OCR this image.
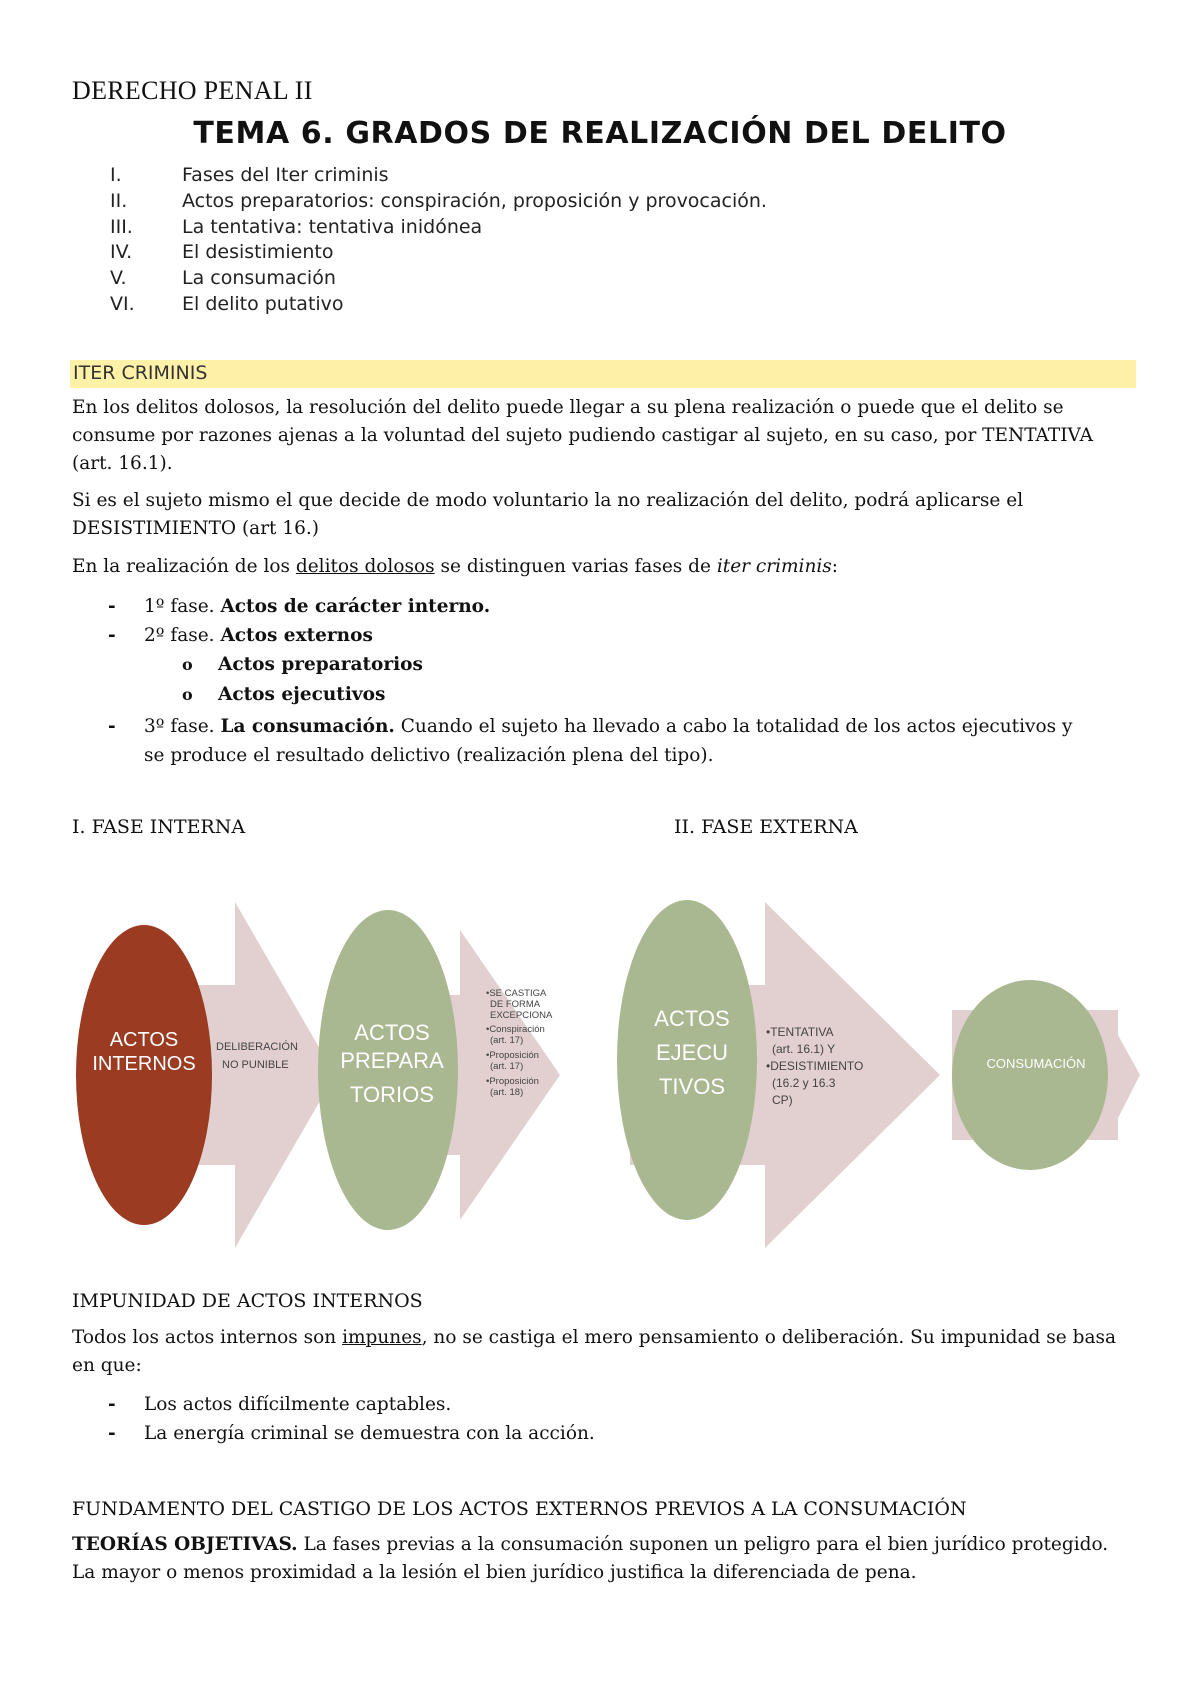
DERECHO PENAL II
TEMA 6. GRADOS DE REALIZACIÓN DEL DELITO
I.	Fases del Iter criminis
II.	Actos preparatorios: conspiración, proposición y provocación.
III.	La tentativa: tentativa inidónea
IV.	El desistimiento
V.	La consumación
VI.	El delito putativo
ITER CRIMINIS

En los delitos dolosos, la resolución del delito puede llegar a su plena realización o puede que el delito se consume por razones ajenas a la voluntad del sujeto pudiendo castigar al sujeto, en su caso, por TENTATIVA (art. 16.1).

Si es el sujeto mismo el que decide de modo voluntario la no realización del delito, podrá aplicarse el DESISTIMIENTO (art 16.)

En la realización de los delitos dolosos se distinguen varias fases de iter criminis:

- 1º fase. Actos de carácter interno.
- 2º fase. Actos externos
o Actos preparatorios
o Actos ejecutivos
- 3º fase. La consumación. Cuando el sujeto ha llevado a cabo la totalidad de los actos ejecutivos y
se produce el resultado delictivo (realización plena del tipo).
I. FASE INTERNA	II. FASE EXTERNA
ACTOS
INTERNOS
ACTOS
PREPARA
TORIOS
ACTOS
EJECU
TIVOS
CONSUMACIÓN
DELIBERACIÓN
NO PUNIBLE
•SE CASTIGA
DE FORMA
EXCEPCIONA
•Conspiración
(art. 17)
•Proposición
(art. 17)
•Proposición
(art. 18)
•TENTATIVA
(art. 16.1) Y
•DESISTIMIENTO
(16.2 y 16.3
CP)
IMPUNIDAD DE ACTOS INTERNOS

Todos los actos internos son impunes, no se castiga el mero pensamiento o deliberación. Su impunidad se basa en que:

- Los actos difícilmente captables.
- La energía criminal se demuestra con la acción.
FUNDAMENTO DEL CASTIGO DE LOS ACTOS EXTERNOS PREVIOS A LA CONSUMACIÓN

TEORÍAS OBJETIVAS. La fases previas a la consumación suponen un peligro para el bien jurídico protegido. La mayor o menos proximidad a la lesión el bien jurídico justifica la diferenciada de pena.
